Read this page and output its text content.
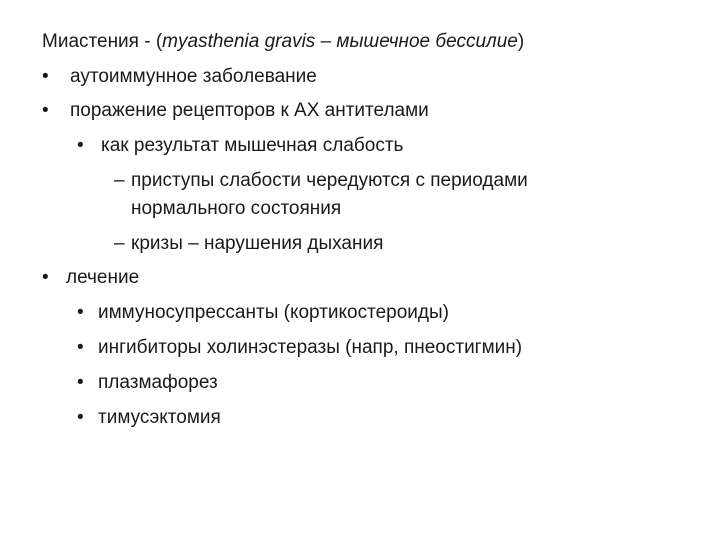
Миастения - (myasthenia gravis – мышечное бессилие)
• аутоиммунное заболевание
• поражение рецепторов к АХ антителами
• как результат мышечная слабость
– приступы слабости чередуются с периодами
нормального состояния
– кризы – нарушения дыхания
• лечение
• иммуносупрессанты (кортикостероиды)
• ингибиторы холинэстеразы (напр, пнеостигмин)
• плазмафорез
• тимусэктомия
